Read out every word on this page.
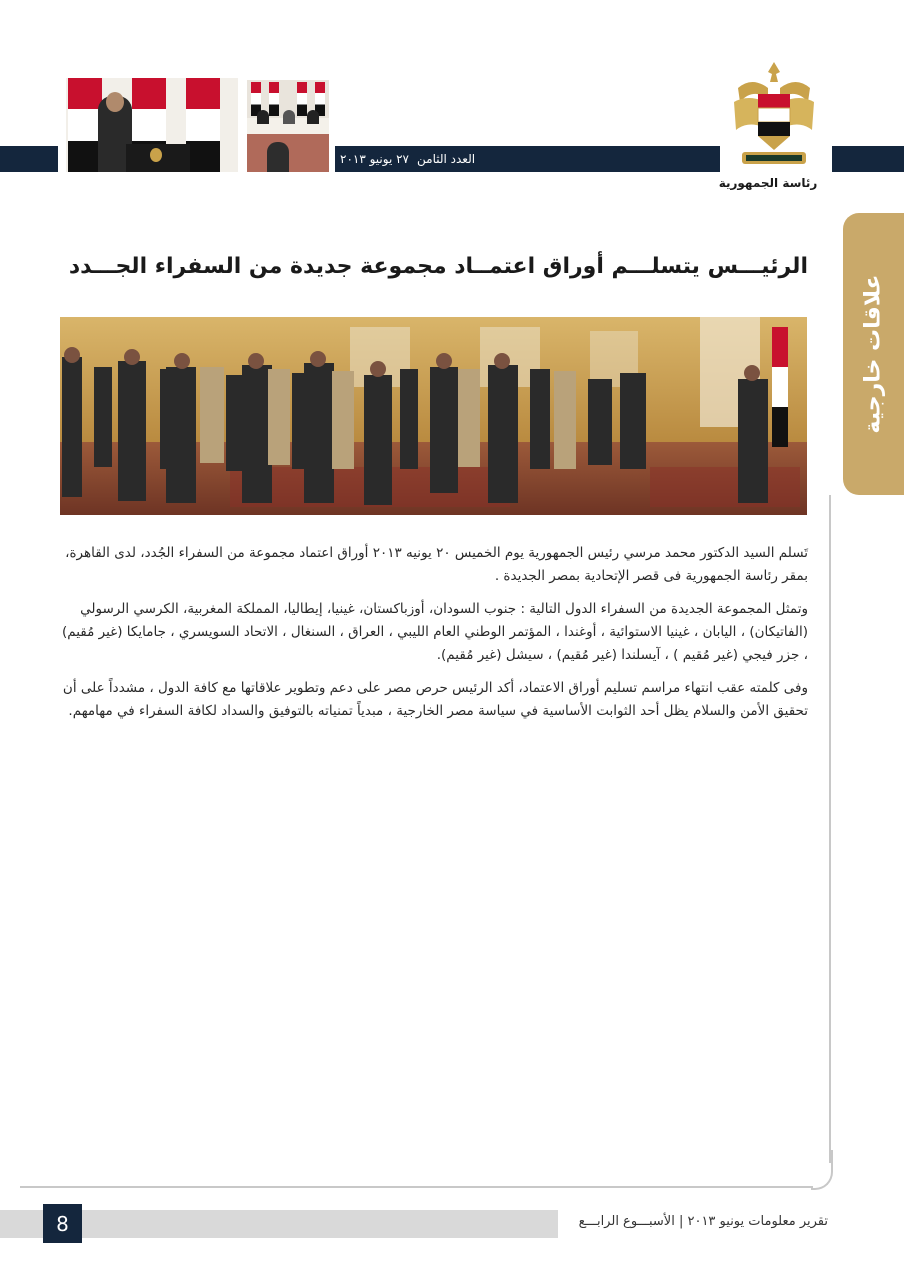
العدد الثامن
٢٧ يونيو ٢٠١٣
رئاسة الجمهورية
علاقات خارجية
الرئيـــس يتسلـــم أوراق اعتمــاد مجموعة جديدة من السفراء الجـــدد

تَسلم السيد الدكتور محمد مرسي رئيس الجمهورية يوم الخميس ٢٠ يونيه ٢٠١٣ أوراق اعتماد مجموعة من السفراء الجُدد، لدى القاهرة، بمقر رئاسة الجمهورية فى قصر الإتحادية بمصر الجديدة .

وتمثل المجموعة الجديدة من السفراء الدول التالية : جنوب السودان، أوزباكستان، غينيا، إيطاليا، المملكة المغربية، الكرسي الرسولي (الفاتيكان) ، اليابان ، غينيا الاستوائية ، أوغندا ، المؤتمر الوطني العام الليبي ، العراق ، السنغال ، الاتحاد السويسري ، جامايكا (غير مُقيم) ، جزر فيجي (غير مُقيم ) ، آيسلندا (غير مُقيم) ، سيشل (غير مُقيم).

وفى كلمته عقب انتهاء مراسم تسليم أوراق الاعتماد، أكد الرئيس حرص مصر على دعم وتطوير علاقاتها مع كافة الدول ، مشدداً على أن تحقيق الأمن والسلام يظل أحد الثوابت الأساسية في سياسة مصر الخارجية ، مبدياً تمنياته بالتوفيق والسداد لكافة السفراء في مهامهم.

8	تقرير معلومات يونيو ٢٠١٣ | الأسبـــوع الرابـــع
